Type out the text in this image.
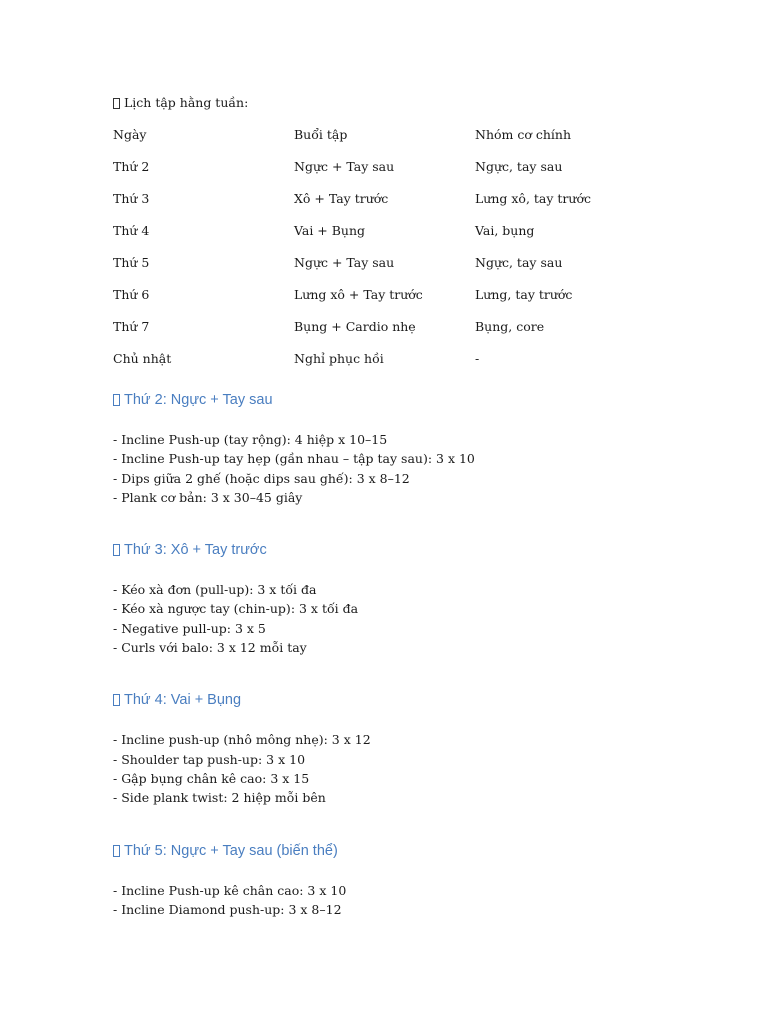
Lịch tập hằng tuần:
Ngày	Buổi tập	Nhóm cơ chính
Thứ 2	Ngực + Tay sau	Ngực, tay sau
Thứ 3	Xô + Tay trước	Lưng xô, tay trước
Thứ 4	Vai + Bụng	Vai, bụng
Thứ 5	Ngực + Tay sau	Ngực, tay sau
Thứ 6	Lưng xô + Tay trước	Lưng, tay trước
Thứ 7	Bụng + Cardio nhẹ	Bụng, core
Chủ nhật	Nghỉ phục hồi	-
Thứ 2: Ngực + Tay sau
- Incline Push-up (tay rộng): 4 hiệp x 10–15
- Incline Push-up tay hẹp (gần nhau – tập tay sau): 3 x 10
- Dips giữa 2 ghế (hoặc dips sau ghế): 3 x 8–12
- Plank cơ bản: 3 x 30–45 giây
Thứ 3: Xô + Tay trước
- Kéo xà đơn (pull-up): 3 x tối đa
- Kéo xà ngược tay (chin-up): 3 x tối đa
- Negative pull-up: 3 x 5
- Curls với balo: 3 x 12 mỗi tay
Thứ 4: Vai + Bụng
- Incline push-up (nhô mông nhẹ): 3 x 12
- Shoulder tap push-up: 3 x 10
- Gập bụng chân kê cao: 3 x 15
- Side plank twist: 2 hiệp mỗi bên
Thứ 5: Ngực + Tay sau (biến thể)
- Incline Push-up kê chân cao: 3 x 10
- Incline Diamond push-up: 3 x 8–12
